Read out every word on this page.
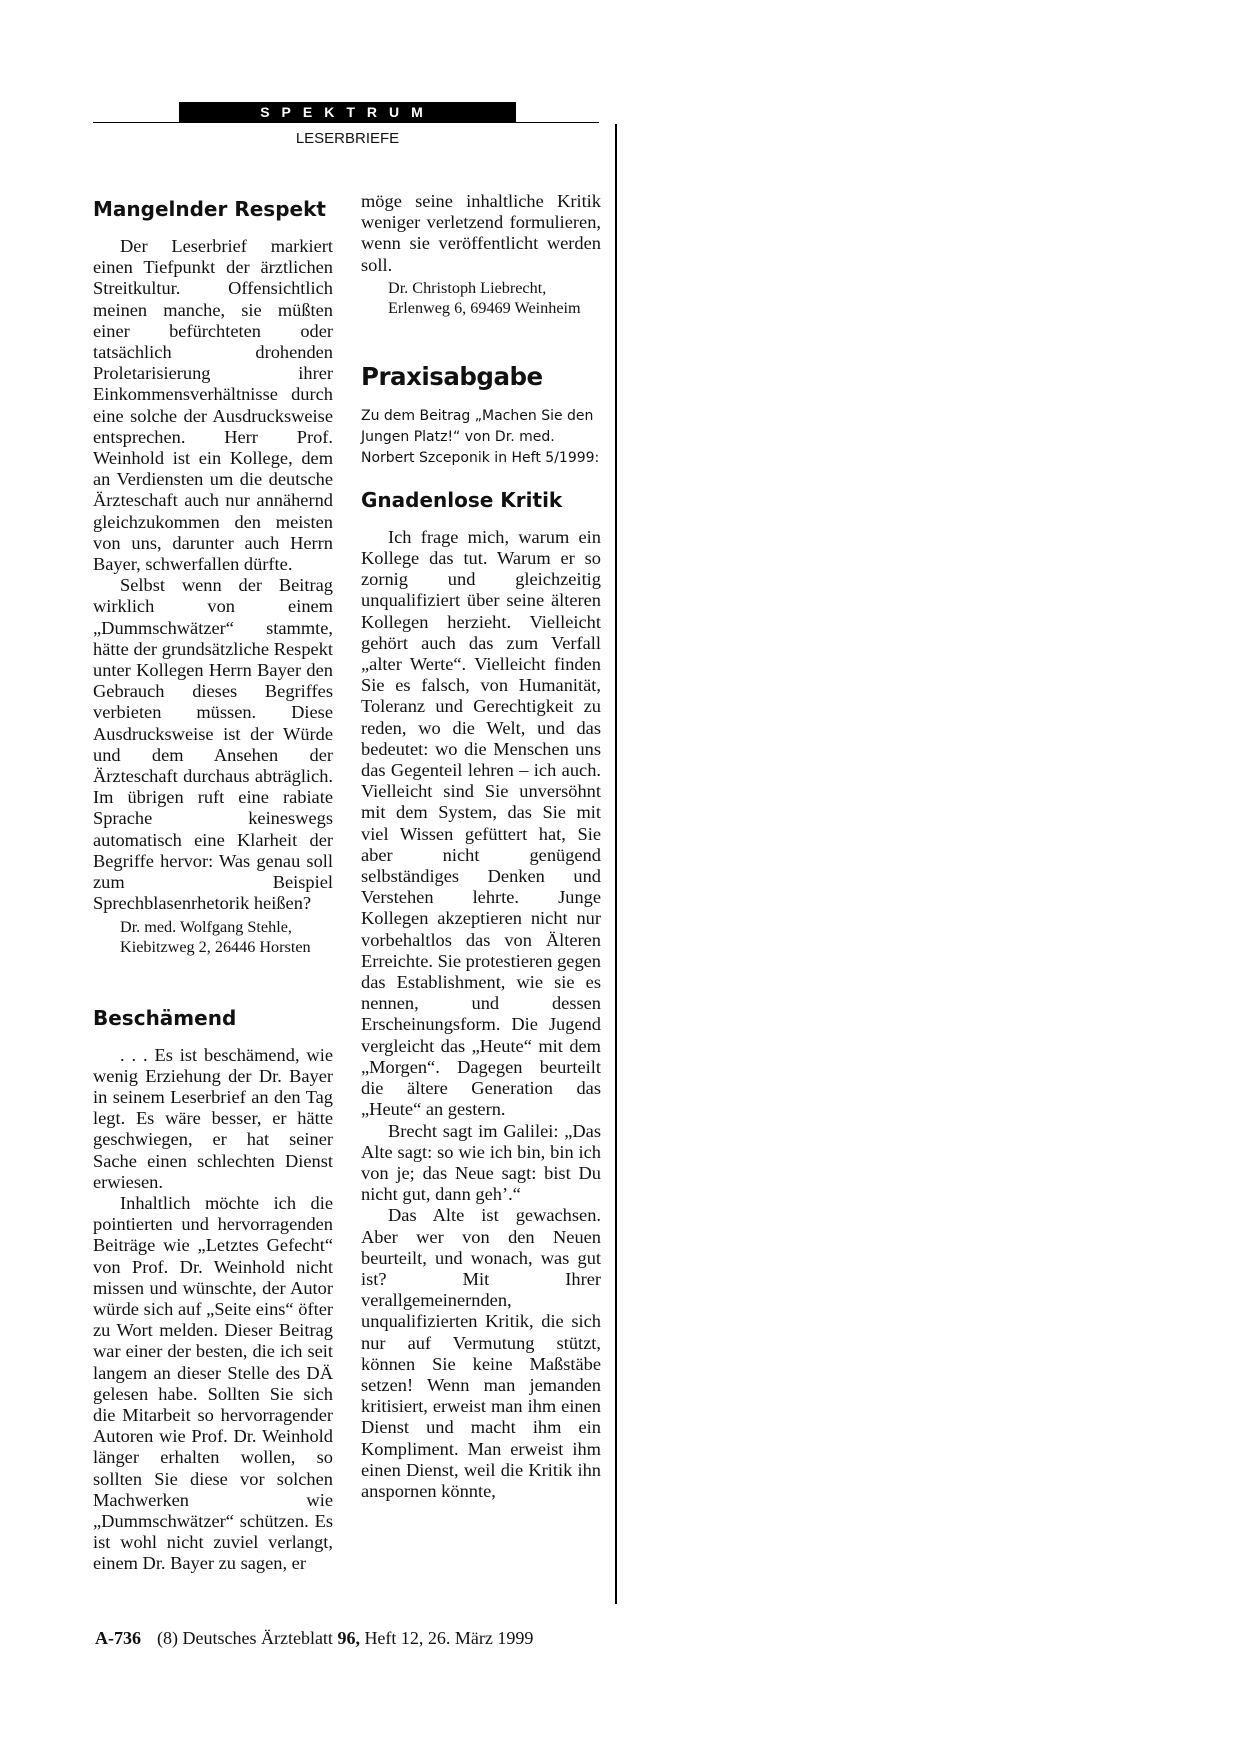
SPEKTRUM
LESERBRIEFE
Mangelnder Respekt

Der Leserbrief markiert einen Tiefpunkt der ärztlichen Streitkultur. Offensichtlich meinen manche, sie müßten einer befürchteten oder tatsächlich drohenden Proletarisierung ihrer Einkommensverhältnisse durch eine solche der Ausdrucksweise entsprechen. Herr Prof. Weinhold ist ein Kollege, dem an Verdiensten um die deutsche Ärzteschaft auch nur annähernd gleichzukommen den meisten von uns, darunter auch Herrn Bayer, schwerfallen dürfte.

Selbst wenn der Beitrag wirklich von einem „Dummschwätzer“ stammte, hätte der grundsätzliche Respekt unter Kollegen Herrn Bayer den Gebrauch dieses Begriffes verbieten müssen. Diese Ausdrucksweise ist der Würde und dem Ansehen der Ärzteschaft durchaus abträglich. Im übrigen ruft eine rabiate Sprache keineswegs automatisch eine Klarheit der Begriffe hervor: Was genau soll zum Beispiel Sprechblasenrhetorik heißen?

Dr. med. Wolfgang Stehle,
Kiebitzweg 2, 26446 Horsten
Beschämend

. . . Es ist beschämend, wie wenig Erziehung der Dr. Bayer in seinem Leserbrief an den Tag legt. Es wäre besser, er hätte geschwiegen, er hat seiner Sache einen schlechten Dienst erwiesen.

Inhaltlich möchte ich die pointierten und hervorragenden Beiträge wie „Letztes Gefecht“ von Prof. Dr. Weinhold nicht missen und wünschte, der Autor würde sich auf „Seite eins“ öfter zu Wort melden. Dieser Beitrag war einer der besten, die ich seit langem an dieser Stelle des DÄ gelesen habe. Sollten Sie sich die Mitarbeit so hervorragender Autoren wie Prof. Dr. Weinhold länger erhalten wollen, so sollten Sie diese vor solchen Machwerken wie „Dummschwätzer“ schützen. Es ist wohl nicht zuviel verlangt, einem Dr. Bayer zu sagen, er

möge seine inhaltliche Kritik weniger verletzend formulieren, wenn sie veröffentlicht werden soll.

Dr. Christoph Liebrecht, Erlenweg 6, 69469 Weinheim
Praxisabgabe
Zu dem Beitrag „Machen Sie den Jungen Platz!“ von Dr. med. Norbert Szceponik in Heft 5/1999:
Gnadenlose Kritik

Ich frage mich, warum ein Kollege das tut. Warum er so zornig und gleichzeitig unqualifiziert über seine älteren Kollegen herzieht. Vielleicht gehört auch das zum Verfall „alter Werte“. Vielleicht finden Sie es falsch, von Humanität, Toleranz und Gerechtigkeit zu reden, wo die Welt, und das bedeutet: wo die Menschen uns das Gegenteil lehren – ich auch. Vielleicht sind Sie unversöhnt mit dem System, das Sie mit viel Wissen gefüttert hat, Sie aber nicht genügend selbständiges Denken und Verstehen lehrte. Junge Kollegen akzeptieren nicht nur vorbehaltlos das von Älteren Erreichte. Sie protestieren gegen das Establishment, wie sie es nennen, und dessen Erscheinungsform. Die Jugend vergleicht das „Heute“ mit dem „Morgen“. Dagegen beurteilt die ältere Generation das „Heute“ an gestern.

Brecht sagt im Galilei: „Das Alte sagt: so wie ich bin, bin ich von je; das Neue sagt: bist Du nicht gut, dann geh’.“

Das Alte ist gewachsen. Aber wer von den Neuen beurteilt, und wonach, was gut ist? Mit Ihrer verallgemeinernden, unqualifizierten Kritik, die sich nur auf Vermutung stützt, können Sie keine Maßstäbe setzen! Wenn man jemanden kritisiert, erweist man ihm einen Dienst und macht ihm ein Kompliment. Man erweist ihm einen Dienst, weil die Kritik ihn anspornen könnte,

A-736 (8) Deutsches Ärzteblatt 96, Heft 12, 26. März 1999
